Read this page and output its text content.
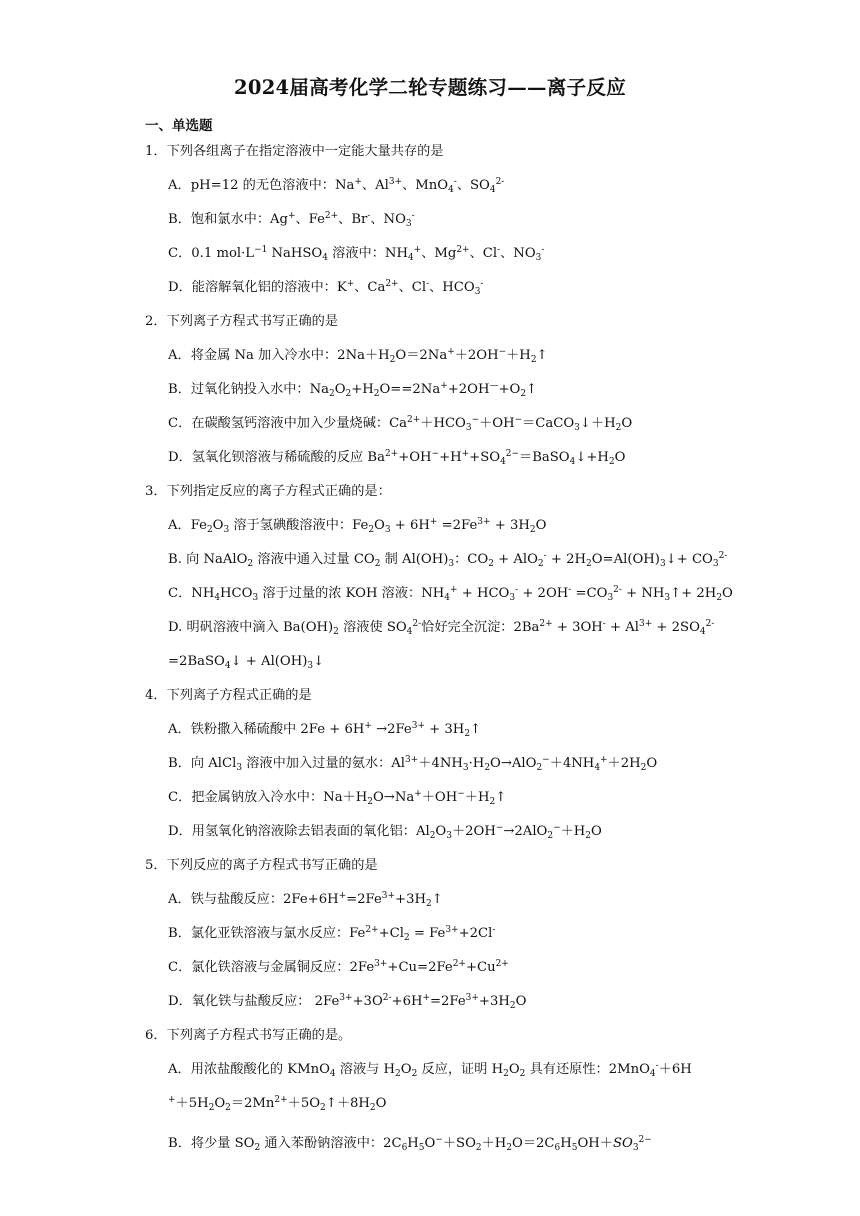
2024届高考化学二轮专题练习——离子反应
一、单选题
1．下列各组离子在指定溶液中一定能大量共存的是
A．pH=12 的无色溶液中：Na+、$Al^{3+}$、MnO$_4$-、$SO_4^{2-}$
B．饱和氯水中：Ag+、$Fe^{2+}$、Br-、$NO_3^-$
C．0.1 $mol\cdot L^{-1}$ NaHSO$_4$ 溶液中：$NH_4^+$、$Mg^{2+}$、Cl-、$NO_3^-$
D．能溶解氧化铝的溶液中：K+、$Ca^{2+}$、Cl-、$HCO_3^-$
2．下列离子方程式书写正确的是
A．将金属 Na 加入冷水中：$2Na+H_2O=2Na^++2OH^-+H_2↑$
B．过氧化钠投入水中：$Na_2O_2+H_2O==2Na^++2OH^—+O_2↑$
C．在碳酸氢钙溶液中加入少量烧碱：$Ca^{2+}+HCO_3^-+OH^-=CaCO_3↓+H_2O$
D．氢氧化钡溶液与稀硫酸的反应 $Ba^{2+}+OH^-+H^++SO_4^{2-}=BaSO_4↓+H_2O$
3．下列指定反应的离子方程式正确的是：
A．$Fe_2O_3$ 溶于氢碘酸溶液中：$Fe_2O_3 + 6H^+ =2Fe^{3+} + 3H_2O$
B. 向 NaAlO$_2$ 溶液中通入过量 $CO_2$ 制 $Al(OH)_3$：$CO_2 + AlO_2^-$ + $2H_2O=Al(OH)_3↓+ CO_3^{2-}$
C．$NH_4HCO_3$ 溶于过量的浓 KOH 溶液：$NH_4^+ + HCO_3^- + 2OH^- =CO_3^{2-}$ + $NH_3↑+ 2H_2O$
D. 明矾溶液中滴入 $Ba(OH)_2$ 溶液使 $SO_4^{2-}$恰好完全沉淀：$2Ba^{2+} + 3OH^- + Al^{3+} + 2SO_4^{2-}$
=2BaSO$_4$↓ + $Al(OH)_3↓$
4．下列离子方程式正确的是
A．铁粉撒入稀硫酸中 $2Fe + 6H^+ \to 2Fe^{3+}$ + $3H_2↑$
B．向 AlCl$_3$ 溶液中加入过量的氨水：$Al^{3+}+4NH_3\cdot H_2O\to AlO_2^-+4NH_4^++2H_2O$
C．把金属钠放入冷水中：$Na+H_2O\to Na^++OH^-+H_2↑$
D．用氢氧化钠溶液除去铝表面的氧化铝：$Al_2O_3+2OH^-\to 2AlO_2^-+H_2O$
5．下列反应的离子方程式书写正确的是
A．铁与盐酸反应：$2Fe+6H^+=2Fe^{3+}+3H_2↑$
B．氯化亚铁溶液与氯水反应：$Fe^{2+}+Cl_2 = Fe^{3+}+2Cl^-$
C．氯化铁溶液与金属铜反应：$2Fe^{3+}+Cu=2Fe^{2+}+Cu^{2+}$
D．氧化铁与盐酸反应： $2Fe^{3+}+3O^{2-}+6H^+=2Fe^{3+}+3H_2O$
6．下列离子方程式书写正确的是。
A．用浓盐酸酸化的 KMnO$_4$ 溶液与 $H_2O_2$ 反应，证明 $H_2O_2$ 具有还原性：2MnO$_4$-＋6H
$^++5H_2O_2=2Mn^{2+}+5O_2↑+8H_2O$
B．将少量 $SO_2$ 通入苯酚钠溶液中：$2C_6H_5O^-+SO_2+H_2O=2C_6H_5OH+SO_3^{2-}$
